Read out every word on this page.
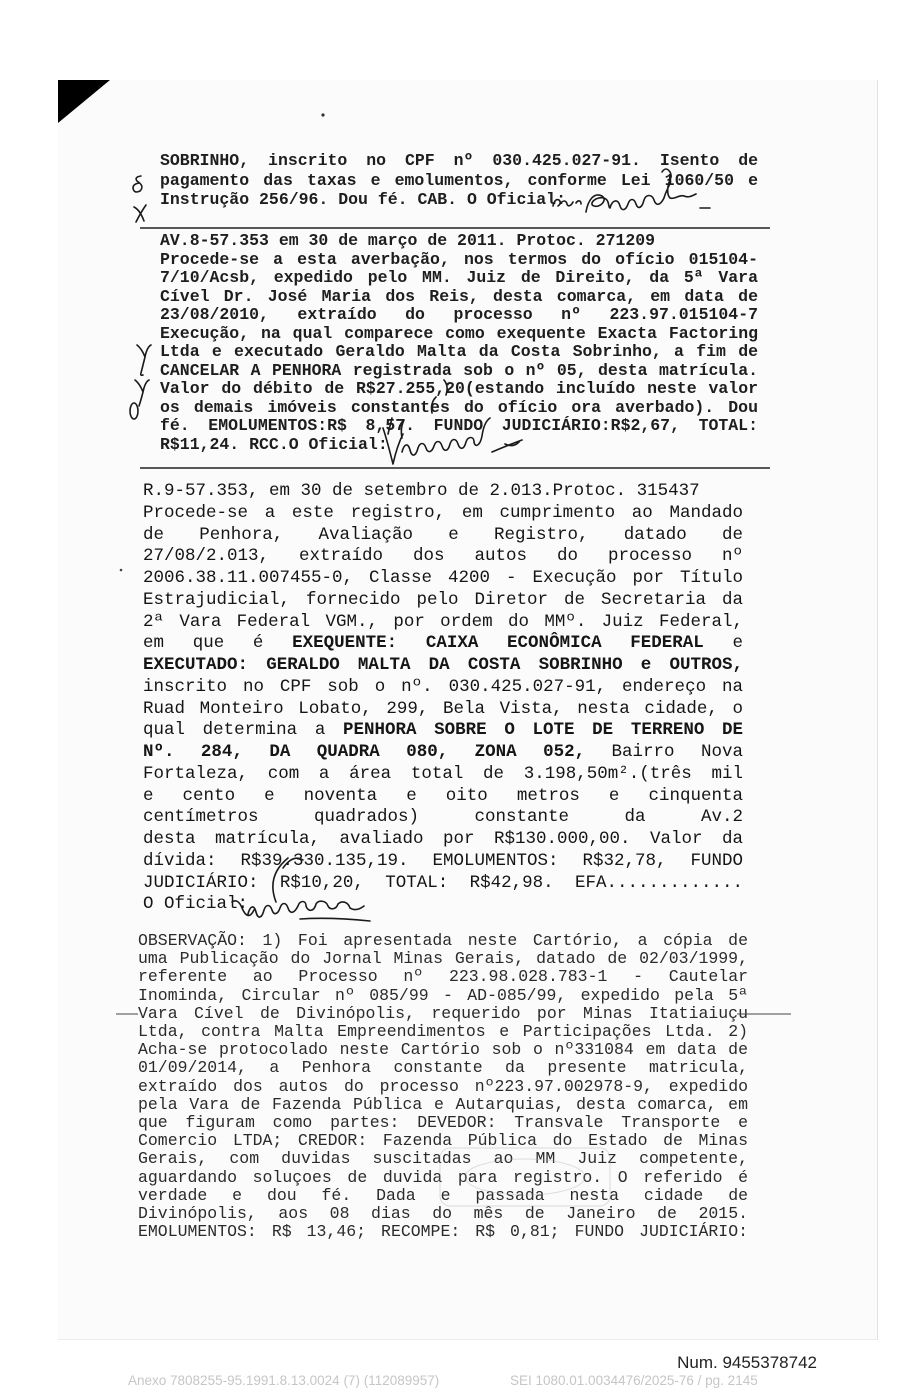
SOBRINHO, inscrito no CPF nº 030.425.027-91. Isento de
pagamento das taxas e emolumentos, conforme Lei 1060/50 e
Instrução 256/96. Dou fé. CAB. O Oficial:
AV.8-57.353 em 30 de março de 2011. Protoc. 271209
Procede-se a esta averbação, nos termos do ofício 015104-
7/10/Acsb, expedido pelo MM. Juiz de Direito, da 5ª Vara
Cível Dr. José Maria dos Reis, desta comarca, em data de
23/08/2010, extraído do processo nº 223.97.015104-7
Execução, na qual comparece como exequente Exacta Factoring
Ltda e executado Geraldo Malta da Costa Sobrinho, a fim de
CANCELAR A PENHORA registrada sob o nº 05, desta matrícula.
Valor do débito de R$27.255,20(estando incluído neste valor
os demais imóveis constantes do ofício ora averbado). Dou
fé. EMOLUMENTOS:R$ 8,57. FUNDO JUDICIÁRIO:R$2,67, TOTAL:
R$11,24. RCC.O Oficial:
R.9-57.353, em 30 de setembro de 2.013.Protoc. 315437
Procede-se a este registro, em cumprimento ao Mandado
de Penhora, Avaliação e Registro, datado de
27/08/2.013, extraído dos autos do processo nº
2006.38.11.007455-0, Classe 4200 - Execução por Título
Estrajudicial, fornecido pelo Diretor de Secretaria da
2ª Vara Federal VGM., por ordem do MMº. Juiz Federal,
em que é EXEQUENTE: CAIXA ECONÔMICA FEDERAL e
EXECUTADO: GERALDO MALTA DA COSTA SOBRINHO e OUTROS,
inscrito no CPF sob o nº. 030.425.027-91, endereço na
Ruad Monteiro Lobato, 299, Bela Vista, nesta cidade, o
qual determina a PENHORA SOBRE O LOTE DE TERRENO DE
Nº. 284, DA QUADRA 080, ZONA 052, Bairro Nova
Fortaleza, com a área total de 3.198,50m².(três mil
e cento e noventa e oito metros e cinquenta
centímetros quadrados) constante da Av.2
desta matrícula, avaliado por R$130.000,00. Valor da
dívida: R$39.330.135,19. EMOLUMENTOS: R$32,78, FUNDO
JUDICIÁRIO: R$10,20, TOTAL: R$42,98. EFA.............
O Oficial:
OBSERVAÇÃO: 1) Foi apresentada neste Cartório, a cópia de
uma Publicação do Jornal Minas Gerais, datado de 02/03/1999,
referente ao Processo nº 223.98.028.783-1 - Cautelar
Inominda, Circular nº 085/99 - AD-085/99, expedido pela 5ª
Vara Cível de Divinópolis, requerido por Minas Itatiaiuçu
Ltda, contra Malta Empreendimentos e Participações Ltda. 2)
Acha-se protocolado neste Cartório sob o nº331084 em data de
01/09/2014, a Penhora constante da presente matricula,
extraído dos autos do processo nº223.97.002978-9, expedido
pela Vara de Fazenda Pública e Autarquias, desta comarca, em
que figuram como partes: DEVEDOR: Transvale Transporte e
Comercio LTDA; CREDOR: Fazenda Pública do Estado de Minas
Gerais, com duvidas suscitadas ao MM Juiz competente,
aguardando soluçoes de duvida para registro. O referido é
verdade e dou fé. Dada e passada nesta cidade de
Divinópolis, aos 08 dias do mês de Janeiro de 2015.
EMOLUMENTOS: R$ 13,46; RECOMPE: R$ 0,81; FUNDO JUDICIÁRIO:
Num. 9455378742
Anexo 7808255-95.1991.8.13.0024 (7) (112089957)	SEI 1080.01.0034476/2025-76 / pg. 2145
